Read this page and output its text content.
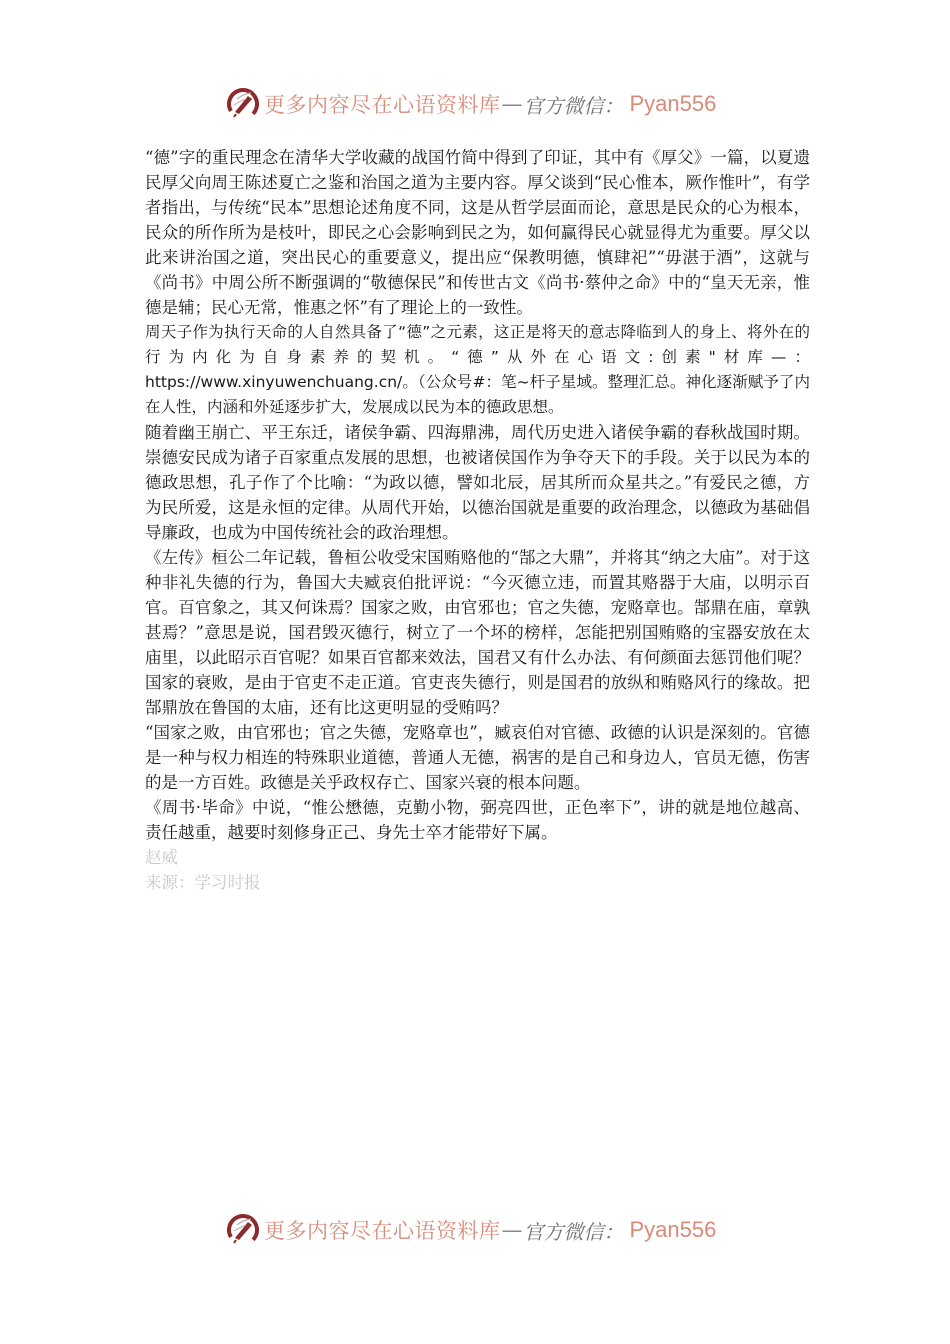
更多内容尽在心语资料库 — 官方微信： Pyan556

“德”字的重民理念在清华大学收藏的战国竹简中得到了印证，其中有《厚父》一篇，以夏遗民厚父向周王陈述夏亡之鉴和治国之道为主要内容。厚父谈到“民心惟本，厥作惟叶”，有学者指出，与传统“民本”思想论述角度不同，这是从哲学层面而论，意思是民众的心为根本，民众的所作所为是枝叶，即民之心会影响到民之为，如何赢得民心就显得尤为重要。厚父以此来讲治国之道，突出民心的重要意义，提出应“保教明德，慎肆祀”“毋湛于酒”，这就与《尚书》中周公所不断强调的“敬德保民”和传世古文《尚书·蔡仲之命》中的“皇天无亲，惟德是辅；民心无常，惟惠之怀”有了理论上的一致性。

周天子作为执行天命的人自然具备了“德”之元素，这正是将天的意志降临到人的身上、将外在的行为内化为自身素养的契机。“德”从外在心语文:创素"材库—：https://www.xinyuwenchuang.cn/。（公众号#：笔~杆子星域。整理汇总。神化逐渐赋予了内在人性，内涵和外延逐步扩大，发展成以民为本的德政思想。

随着幽王崩亡、平王东迁，诸侯争霸、四海鼎沸，周代历史进入诸侯争霸的春秋战国时期。崇德安民成为诸子百家重点发展的思想，也被诸侯国作为争夺天下的手段。关于以民为本的德政思想，孔子作了个比喻：“为政以德，譬如北辰，居其所而众星共之。”有爱民之德，方为民所爱，这是永恒的定律。从周代开始，以德治国就是重要的政治理念，以德政为基础倡导廉政，也成为中国传统社会的政治理想。

《左传》桓公二年记载，鲁桓公收受宋国贿赂他的“郜之大鼎”，并将其“纳之大庙”。对于这种非礼失德的行为，鲁国大夫臧哀伯批评说：“今灭德立违，而置其赂器于大庙，以明示百官。百官象之，其又何诛焉？国家之败，由官邪也；官之失德，宠赂章也。郜鼎在庙，章孰甚焉？”意思是说，国君毁灭德行，树立了一个坏的榜样，怎能把别国贿赂的宝器安放在太庙里，以此昭示百官呢？如果百官都来效法，国君又有什么办法、有何颜面去惩罚他们呢？国家的衰败，是由于官吏不走正道。官吏丧失德行，则是国君的放纵和贿赂风行的缘故。把郜鼎放在鲁国的太庙，还有比这更明显的受贿吗？

“国家之败，由官邪也；官之失德，宠赂章也”，臧哀伯对官德、政德的认识是深刻的。官德是一种与权力相连的特殊职业道德，普通人无德，祸害的是自己和身边人，官员无德，伤害的是一方百姓。政德是关乎政权存亡、国家兴衰的根本问题。

《周书·毕命》中说，“惟公懋德，克勤小物，弼亮四世，正色率下”，讲的就是地位越高、责任越重，越要时刻修身正己、身先士卒才能带好下属。

赵威

来源：学习时报

更多内容尽在心语资料库 — 官方微信： Pyan556
